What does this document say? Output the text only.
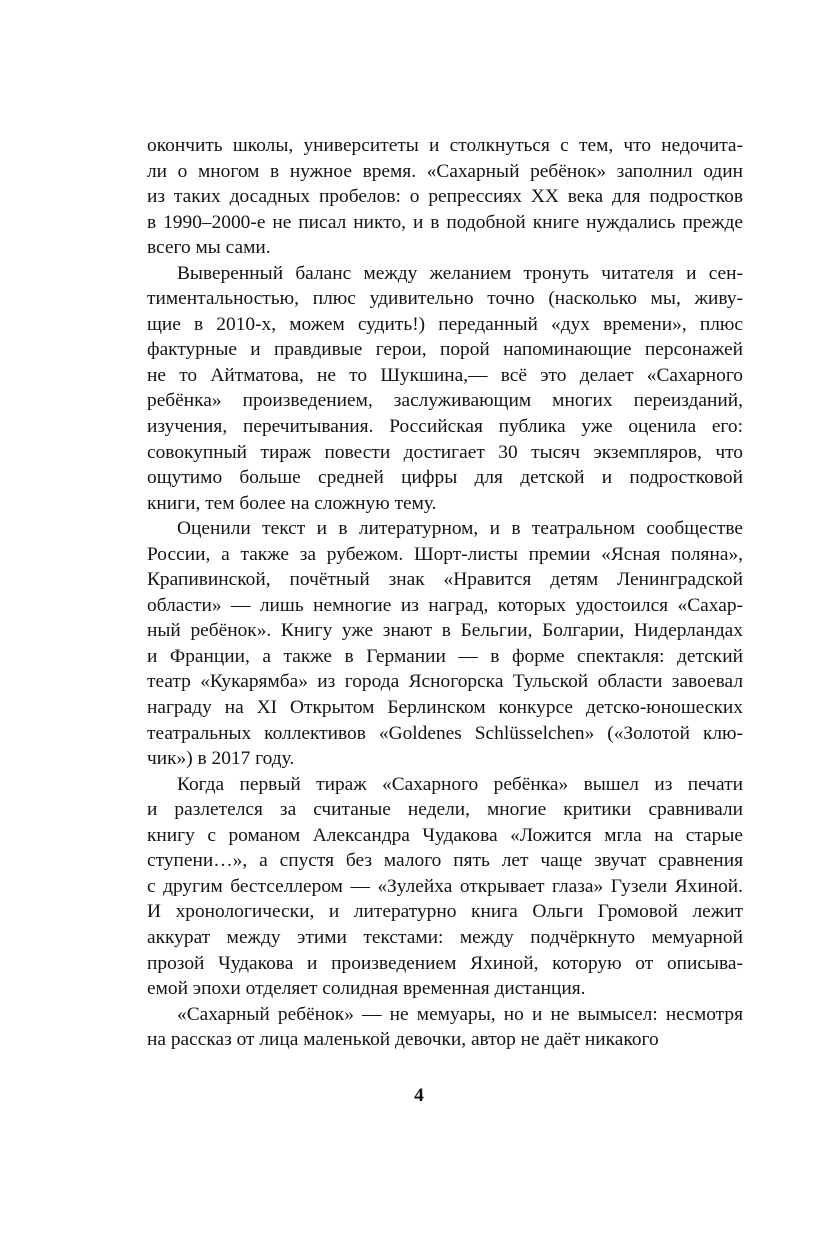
окончить школы, университеты и столкнуться с тем, что недочита-
ли о многом в нужное время. «Сахарный ребёнок» заполнил один
из таких досадных пробелов: о репрессиях XX века для подростков
в 1990–2000-е не писал никто, и в подобной книге нуждались прежде
всего мы сами.
Выверенный баланс между желанием тронуть читателя и сен-
тиментальностью, плюс удивительно точно (насколько мы, живу-
щие в 2010-х, можем судить!) переданный «дух времени», плюс
фактурные и правдивые герои, порой напоминающие персонажей
не то Айтматова, не то Шукшина,— всё это делает «Сахарного
ребёнка» произведением, заслуживающим многих переизданий,
изучения, перечитывания. Российская публика уже оценила его:
совокупный тираж повести достигает 30 тысяч экземпляров, что
ощутимо больше средней цифры для детской и подростковой
книги, тем более на сложную тему.
Оценили текст и в литературном, и в театральном сообществе
России, а также за рубежом. Шорт-листы премии «Ясная поляна»,
Крапивинской, почётный знак «Нравится детям Ленинградской
области» — лишь немногие из наград, которых удостоился «Сахар-
ный ребёнок». Книгу уже знают в Бельгии, Болгарии, Нидерландах
и Франции, а также в Германии — в форме спектакля: детский
театр «Кукарямба» из города Ясногорска Тульской области завоевал
награду на XI Открытом Берлинском конкурсе детско-юношеских
театральных коллективов «Goldenes Schlüsselchen» («Золотой клю-
чик») в 2017 году.
Когда первый тираж «Сахарного ребёнка» вышел из печати
и разлетелся за считаные недели, многие критики сравнивали
книгу с романом Александра Чудакова «Ложится мгла на старые
ступени…», а спустя без малого пять лет чаще звучат сравнения
с другим бестселлером — «Зулейха открывает глаза» Гузели Яхиной.
И хронологически, и литературно книга Ольги Громовой лежит
аккурат между этими текстами: между подчёркнуто мемуарной
прозой Чудакова и произведением Яхиной, которую от описыва-
емой эпохи отделяет солидная временная дистанция.
«Сахарный ребёнок» — не мемуары, но и не вымысел: несмотря
на рассказ от лица маленькой девочки, автор не даёт никакого
4
